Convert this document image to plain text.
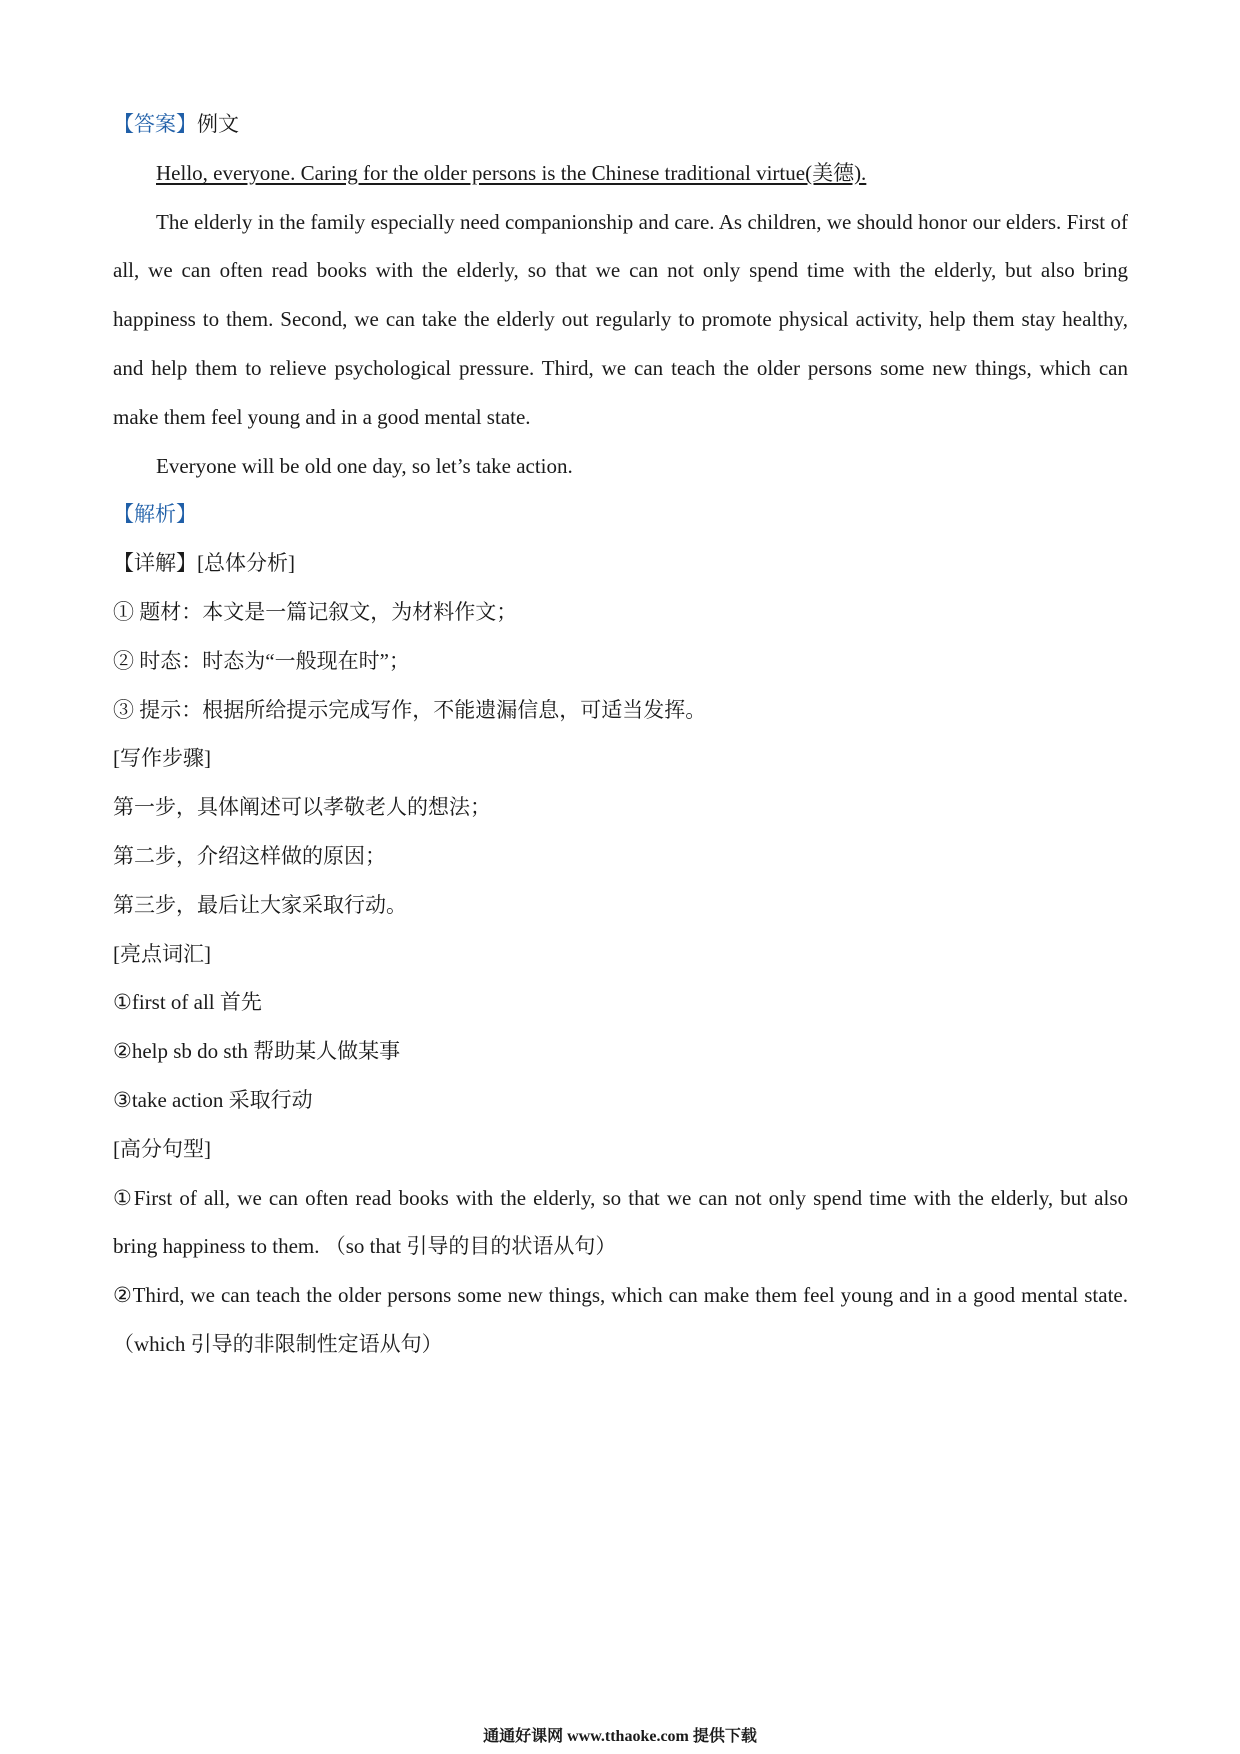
【答案】例文
Hello, everyone. Caring for the older persons is the Chinese traditional virtue(美德).
The elderly in the family especially need companionship and care. As children, we should honor our elders. First of all, we can often read books with the elderly, so that we can not only spend time with the elderly, but also bring happiness to them. Second, we can take the elderly out regularly to promote physical activity, help them stay healthy, and help them to relieve psychological pressure. Third, we can teach the older persons some new things, which can make them feel young and in a good mental state.
Everyone will be old one day, so let’s take action.
【解析】
【详解】[总体分析]
① 题材：本文是一篇记叙文，为材料作文；
② 时态：时态为“一般现在时”；
③ 提示：根据所给提示完成写作，不能遗漏信息，可适当发挥。
[写作步骤]
第一步，具体阐述可以孝敬老人的想法；
第二步，介绍这样做的原因；
第三步，最后让大家采取行动。
[亮点词汇]
①first of all 首先
②help sb do sth 帮助某人做某事
③take action 采取行动
[高分句型]
①First of all, we can often read books with the elderly, so that we can not only spend time with the elderly, but also bring happiness to them. （so that 引导的目的状语从句）
②Third, we can teach the older persons some new things, which can make them feel young and in a good mental state.（which 引导的非限制性定语从句）
通通好课网 www.tthaoke.com 提供下载
